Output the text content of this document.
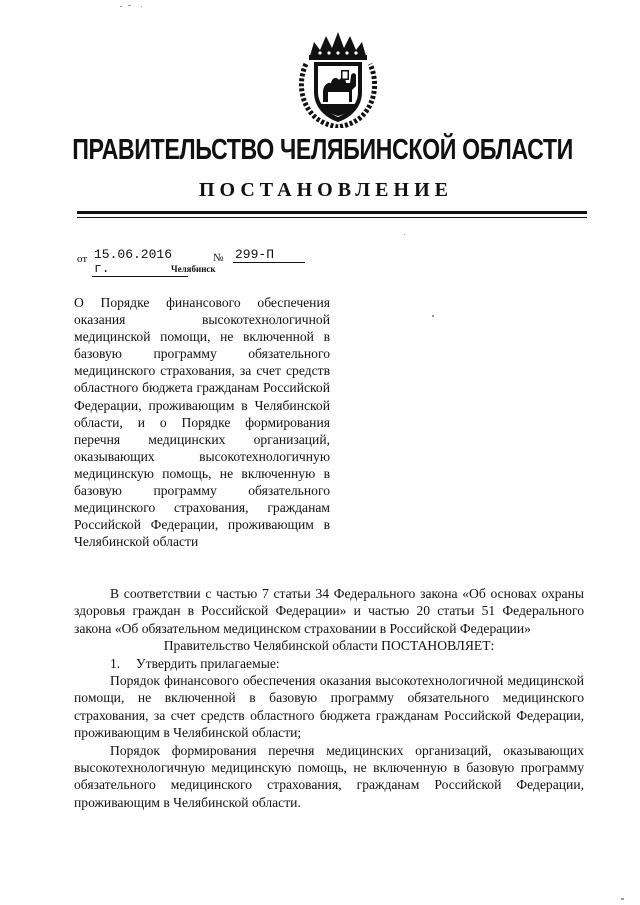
ПРАВИТЕЛЬСТВО ЧЕЛЯБИНСКОЙ ОБЛАСТИ
ПОСТАНОВЛЕНИЕ
от 15.06.2016 г.
№ 299-П
Челябинск
О Порядке финансового обеспечения оказания высокотехнологичной медицинской помощи, не включенной в базовую программу обязательного медицинского страхования, за счет средств областного бюджета гражданам Российской Федерации, проживающим в Челябинской области, и о Порядке формирования перечня медицинских организаций, оказывающих высокотехнологичную медицинскую помощь, не включенную в базовую программу обязательного медицинского страхования, гражданам Российской Федерации, проживающим в Челябинской области

В соответствии с частью 7 статьи 34 Федерального закона «Об основах охраны здоровья граждан в Российской Федерации» и частью 20 статьи 51 Федерального закона «Об обязательном медицинском страховании в Российской Федерации»

Правительство Челябинской области ПОСТАНОВЛЯЕТ:

1. Утвердить прилагаемые:

Порядок финансового обеспечения оказания высокотехнологичной медицинской помощи, не включенной в базовую программу обязательного медицинского страхования, за счет средств областного бюджета гражданам Российской Федерации, проживающим в Челябинской области;

Порядок формирования перечня медицинских организаций, оказывающих высокотехнологичную медицинскую помощь, не включенную в базовую программу обязательного медицинского страхования, гражданам Российской Федерации, проживающим в Челябинской области.
